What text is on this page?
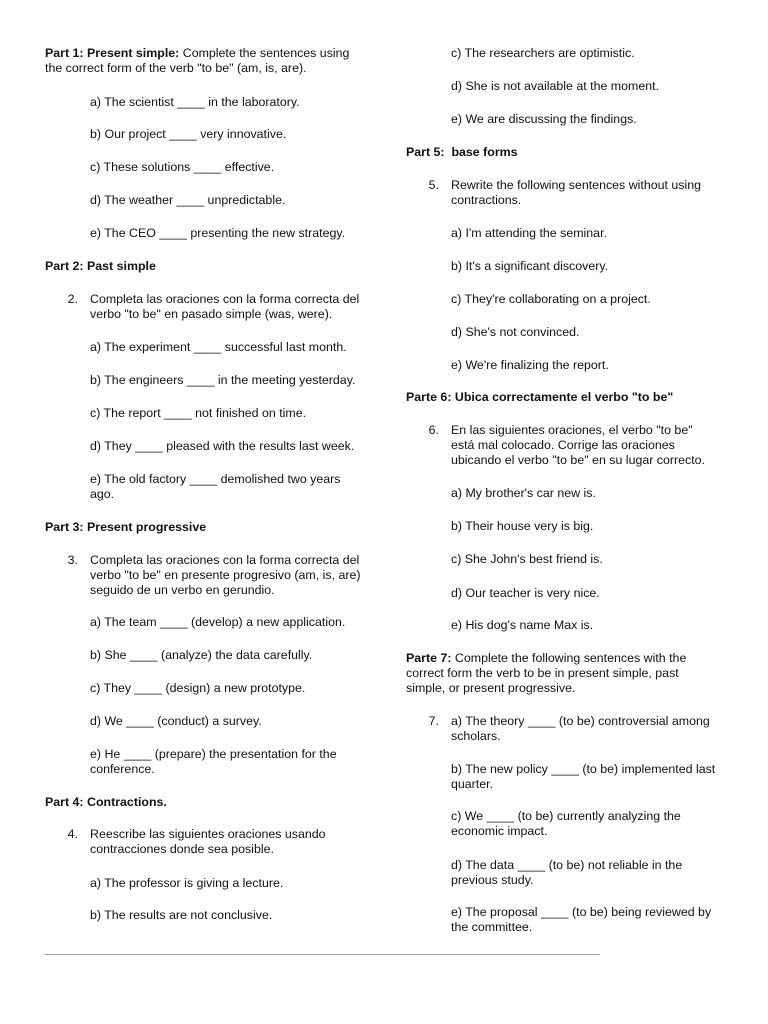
Part 1: Present simple: Complete the sentences using the correct form of the verb "to be" (am, is, are).

a) The scientist ____ in the laboratory.

b) Our project ____ very innovative.

c) These solutions ____ effective.

d) The weather ____ unpredictable.

e) The CEO ____ presenting the new strategy.

Part 2: Past simple

2. Completa las oraciones con la forma correcta del verbo "to be" en pasado simple (was, were).

a) The experiment ____ successful last month.

b) The engineers ____ in the meeting yesterday.

c) The report ____ not finished on time.

d) They ____ pleased with the results last week.

e) The old factory ____ demolished two years ago.

Part 3: Present progressive

3. Completa las oraciones con la forma correcta del verbo "to be" en presente progresivo (am, is, are) seguido de un verbo en gerundio.

a) The team ____ (develop) a new application.

b) She ____ (analyze) the data carefully.

c) They ____ (design) a new prototype.

d) We ____ (conduct) a survey.

e) He ____ (prepare) the presentation for the conference.

Part 4: Contractions.

4. Reescribe las siguientes oraciones usando contracciones donde sea posible.

a) The professor is giving a lecture.

b) The results are not conclusive.

c) The researchers are optimistic.

d) She is not available at the moment.

e) We are discussing the findings.

Part 5:  base forms

5. Rewrite the following sentences without using contractions.

a) I'm attending the seminar.

b) It's a significant discovery.

c) They're collaborating on a project.

d) She's not convinced.

e) We're finalizing the report.

Parte 6: Ubica correctamente el verbo "to be"

6. En las siguientes oraciones, el verbo "to be" está mal colocado. Corrige las oraciones ubicando el verbo "to be" en su lugar correcto.

a) My brother's car new is.

b) Their house very is big.

c) She John's best friend is.

d) Our teacher is very nice.

e) His dog's name Max is.

Parte 7: Complete the following sentences with the correct form the verb to be in present simple, past simple, or present progressive.

7. a) The theory ____ (to be) controversial among scholars.

b) The new policy ____ (to be) implemented last quarter.

c) We ____ (to be) currently analyzing the economic impact.

d) The data ____ (to be) not reliable in the previous study.

e) The proposal ____ (to be) being reviewed by the committee.
